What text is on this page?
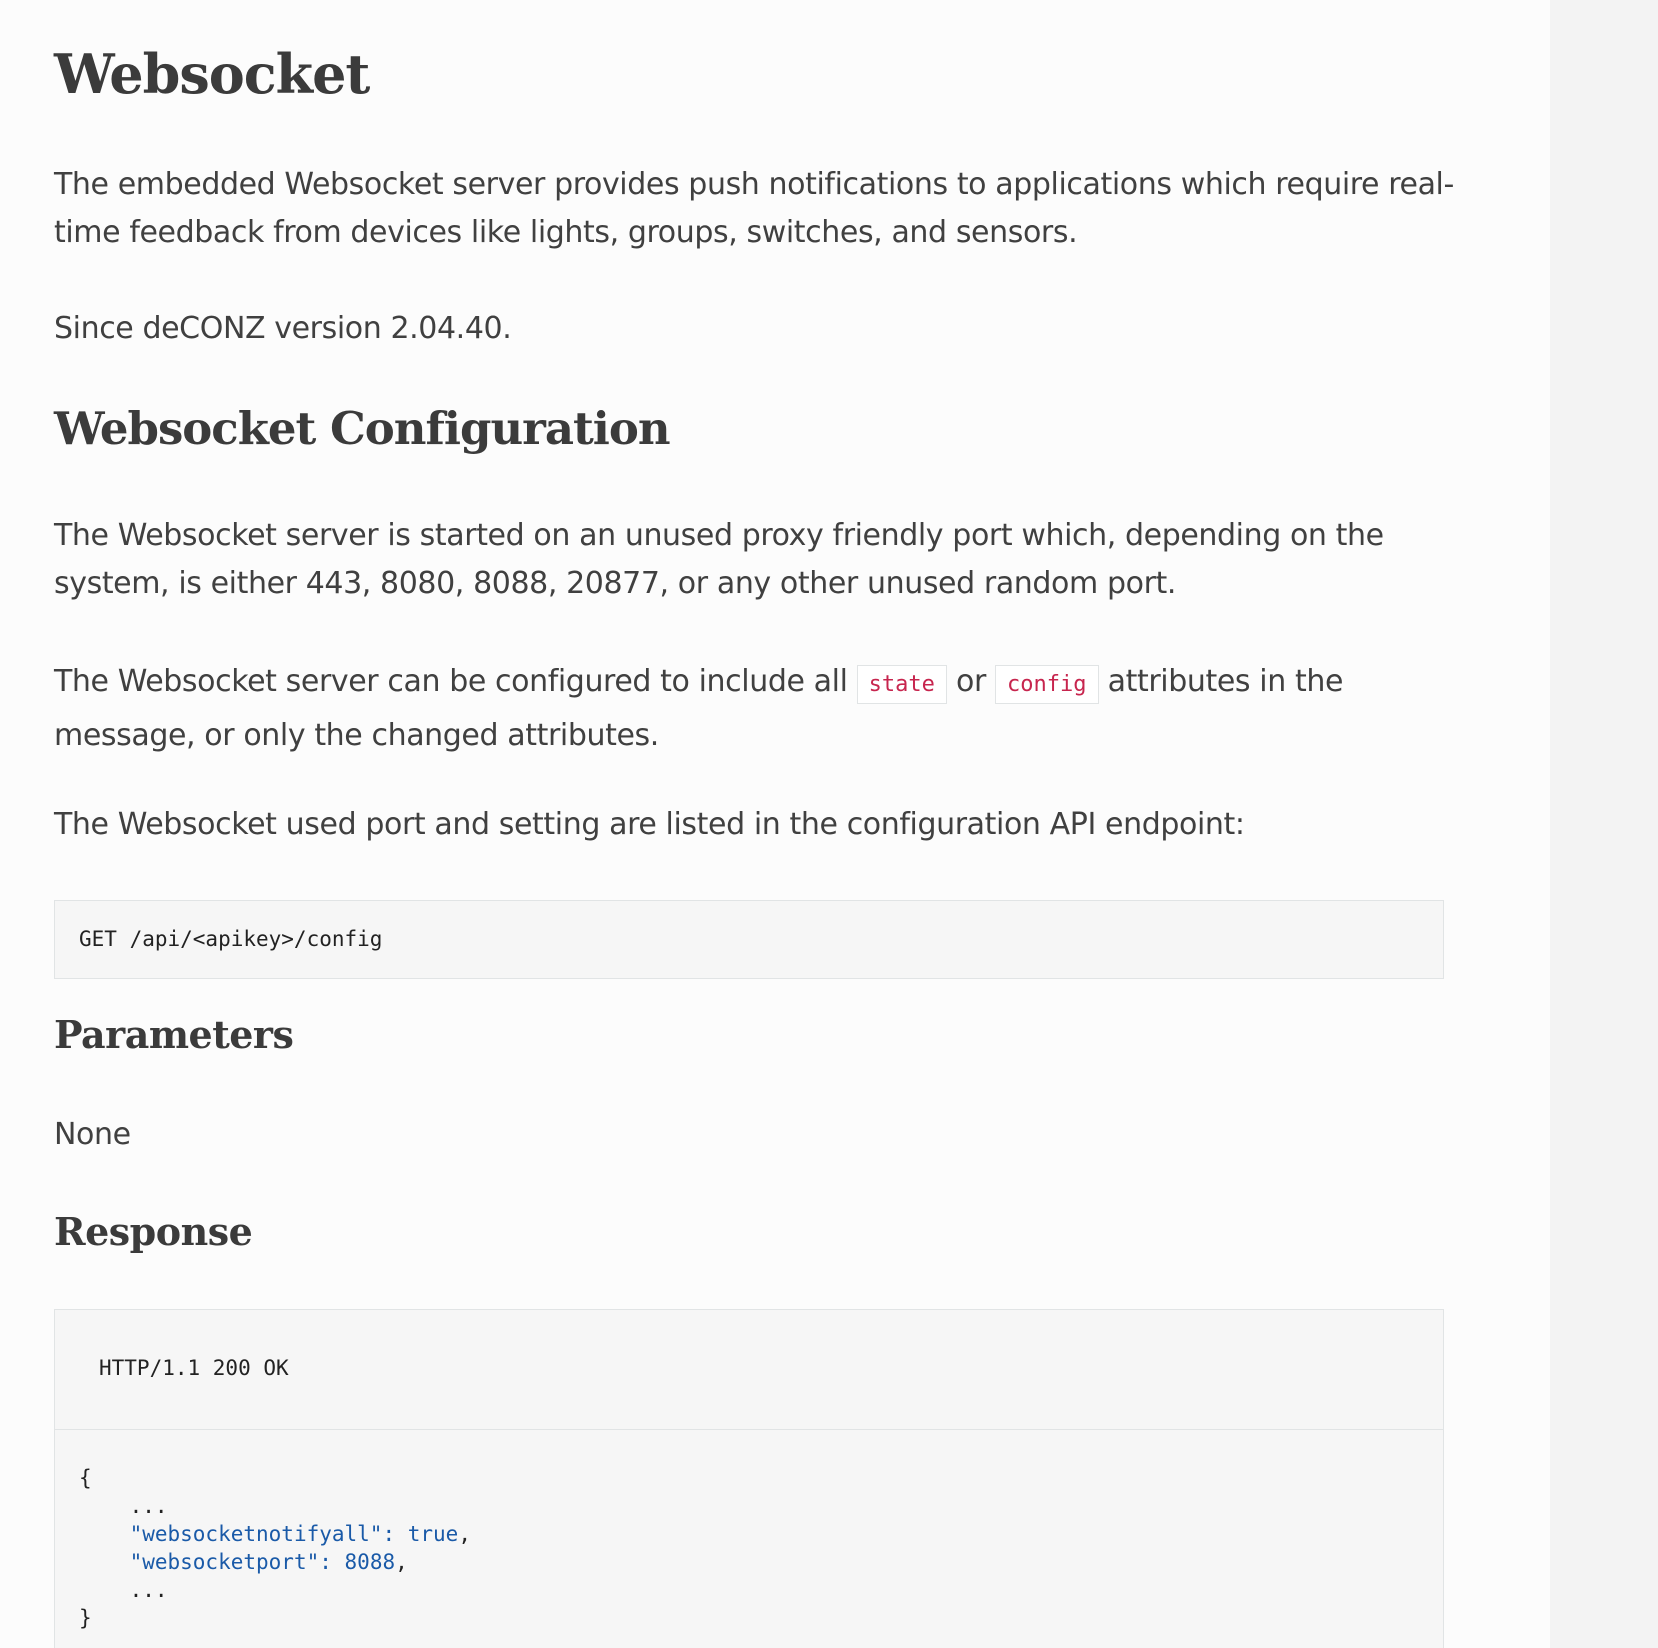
Websocket

The embedded Websocket server provides push notifications to applications which require real-time feedback from devices like lights, groups, switches, and sensors.

Since deCONZ version 2.04.40.

Websocket Configuration

The Websocket server is started on an unused proxy friendly port which, depending on the system, is either 443, 8080, 8088, 20877, or any other unused random port.

The Websocket server can be configured to include all state or config attributes in the message, or only the changed attributes.

The Websocket used port and setting are listed in the configuration API endpoint:

GET /api/<apikey>/config
Parameters

None

Response
HTTP/1.1 200 OK
{
...
"websocketnotifyall": true,
"websocketport": 8088,
...
}
